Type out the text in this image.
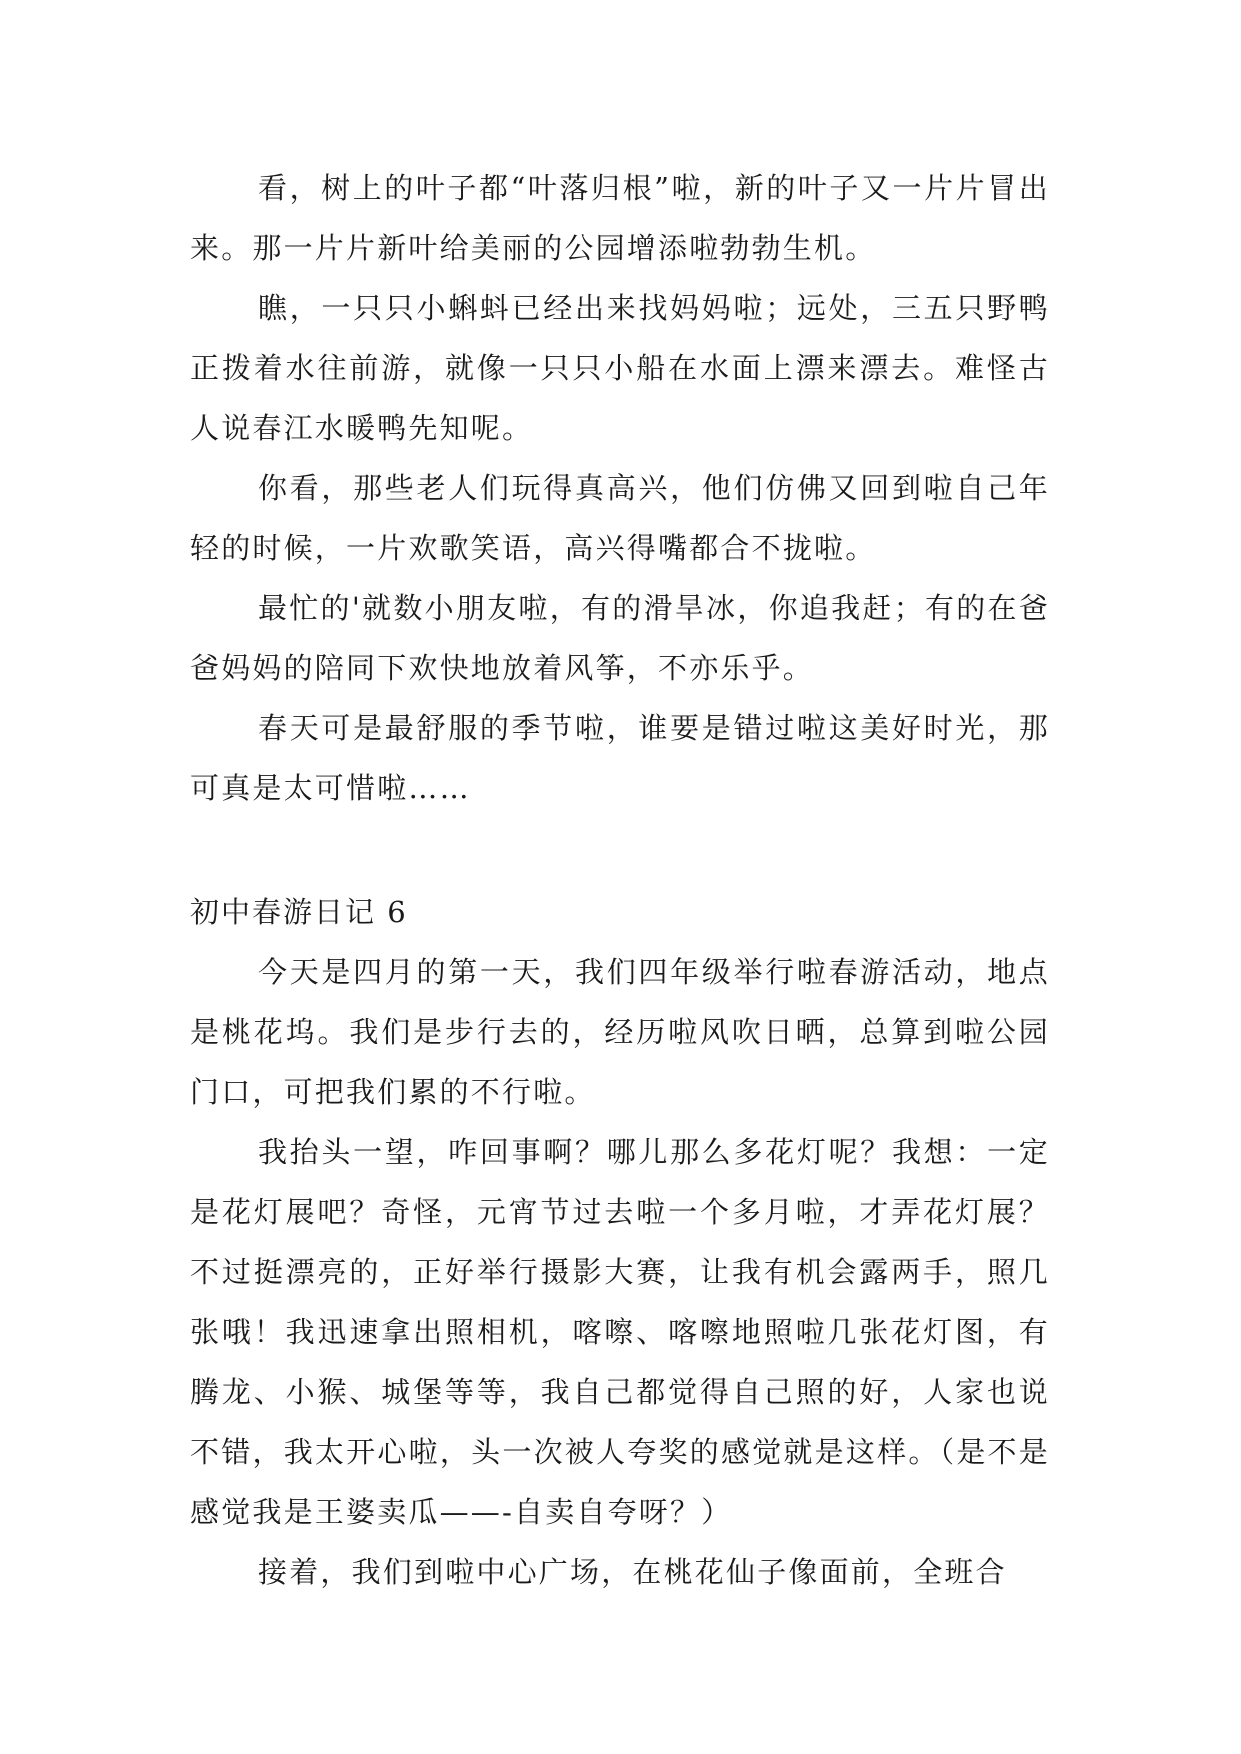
看，树上的叶子都“叶落归根”啦，新的叶子又一片片冒出来。那一片片新叶给美丽的公园增添啦勃勃生机。

瞧，一只只小蝌蚪已经出来找妈妈啦；远处，三五只野鸭正拨着水往前游，就像一只只小船在水面上漂来漂去。难怪古人说春江水暖鸭先知呢。

你看，那些老人们玩得真高兴，他们仿佛又回到啦自己年轻的时候，一片欢歌笑语，高兴得嘴都合不拢啦。

最忙的'就数小朋友啦，有的滑旱冰，你追我赶；有的在爸爸妈妈的陪同下欢快地放着风筝，不亦乐乎。

春天可是最舒服的季节啦，谁要是错过啦这美好时光，那可真是太可惜啦……

初中春游日记 6

今天是四月的第一天，我们四年级举行啦春游活动，地点是桃花坞。我们是步行去的，经历啦风吹日晒，总算到啦公园门口，可把我们累的不行啦。

我抬头一望，咋回事啊？哪儿那么多花灯呢？我想：一定是花灯展吧？奇怪，元宵节过去啦一个多月啦，才弄花灯展？不过挺漂亮的，正好举行摄影大赛，让我有机会露两手，照几张哦！我迅速拿出照相机，喀嚓、喀嚓地照啦几张花灯图，有腾龙、小猴、城堡等等，我自己都觉得自己照的好，人家也说不错，我太开心啦，头一次被人夸奖的感觉就是这样。（是不是感觉我是王婆卖瓜——-自卖自夸呀？）

接着，我们到啦中心广场，在桃花仙子像面前，全班合
